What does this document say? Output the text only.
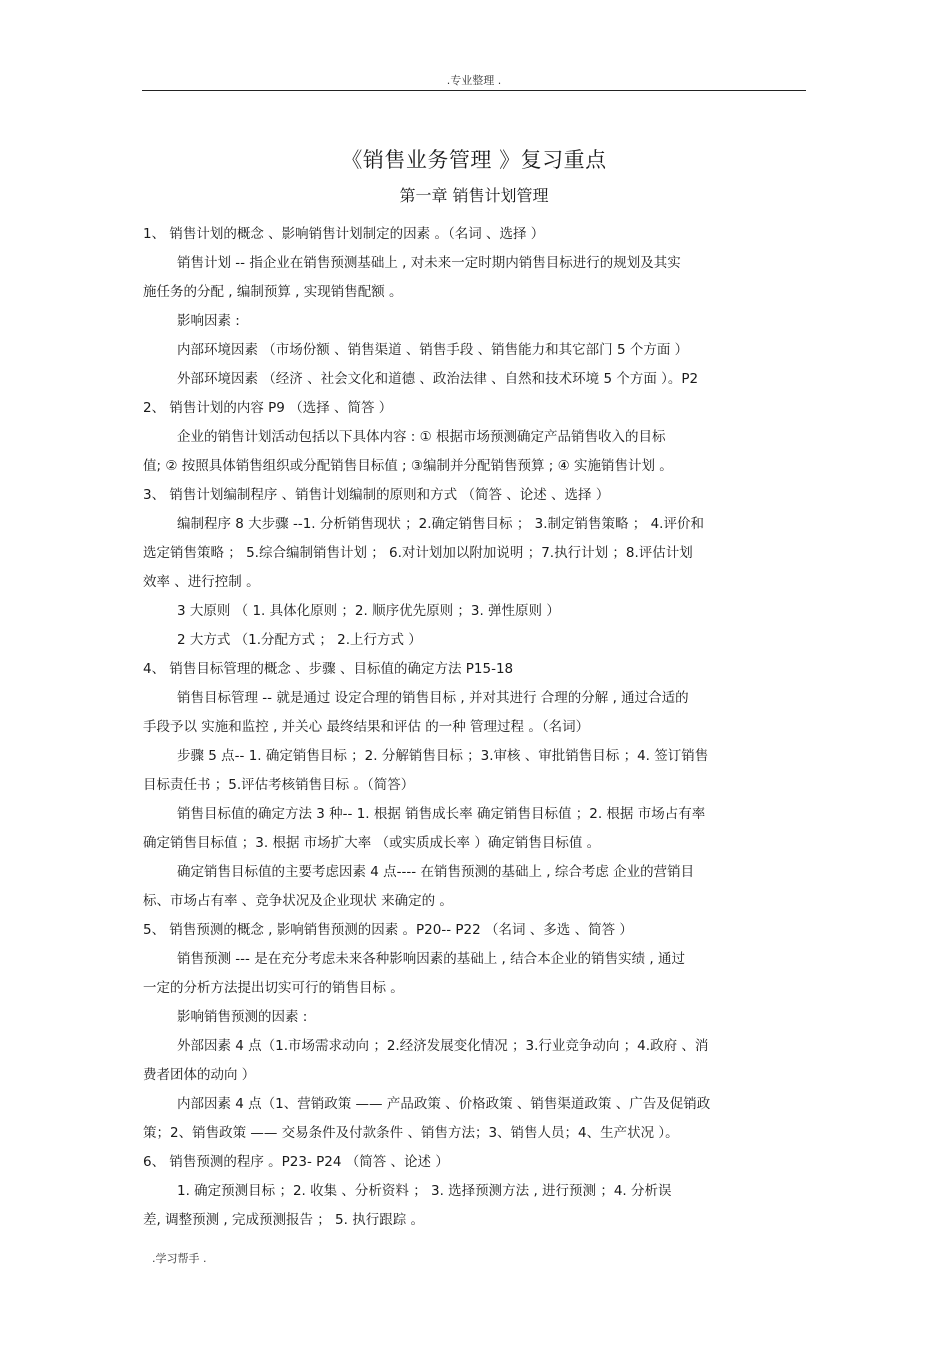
.专业整理 .
《销售业务管理 》复习重点
第一章 销售计划管理

1、 销售计划的概念 、影响销售计划制定的因素 。（名词 、选择 ）

销售计划 -- 指企业在销售预测基础上 , 对未来一定时期内销售目标进行的规划及其实

施任务的分配 , 编制预算 , 实现销售配额 。

影响因素 :

内部环境因素 （市场份额 、销售渠道 、销售手段 、销售能力和其它部门 5 个方面 ）

外部环境因素 （经济 、社会文化和道德 、政治法律 、自然和技术环境 5 个方面 ）。P2

2、 销售计划的内容 P9 （选择 、简答 ）

企业的销售计划活动包括以下具体内容 : ① 根据市场预测确定产品销售收入的目标

值; ② 按照具体销售组织或分配销售目标值 ; ③编制并分配销售预算 ; ④ 实施销售计划 。

3、 销售计划编制程序 、销售计划编制的原则和方式 （简答 、论述 、选择 ）

编制程序 8 大步骤 --1. 分析销售现状 ；2.确定销售目标 ； 3.制定销售策略 ； 4.评价和

选定销售策略 ； 5.综合编制销售计划 ； 6.对计划加以附加说明 ；7.执行计划 ；8.评估计划

效率 、进行控制 。

3 大原则 （ 1. 具体化原则 ；2. 顺序优先原则 ；3. 弹性原则 ）

2 大方式 （1.分配方式 ； 2.上行方式 ）

4、 销售目标管理的概念 、步骤 、目标值的确定方法 P15-18

销售目标管理 -- 就是通过 设定合理的销售目标 , 并对其进行 合理的分解 , 通过合适的

手段予以 实施和监控 , 并关心 最终结果和评估 的一种 管理过程 。（名词）

步骤 5 点-- 1. 确定销售目标 ；2. 分解销售目标 ；3.审核 、审批销售目标 ；4. 签订销售

目标责任书 ；5.评估考核销售目标 。（简答）

销售目标值的确定方法 3 种-- 1. 根据 销售成长率 确定销售目标值 ；2. 根据 市场占有率

确定销售目标值 ；3. 根据 市场扩大率 （或实质成长率 ）确定销售目标值 。

确定销售目标值的主要考虑因素 4 点---- 在销售预测的基础上 , 综合考虑 企业的营销目

标、市场占有率 、竞争状况及企业现状 来确定的 。

5、 销售预测的概念 , 影响销售预测的因素 。P20-- P22 （名词 、多选 、简答 ）

销售预测 --- 是在充分考虑未来各种影响因素的基础上 , 结合本企业的销售实绩 , 通过

一定的分析方法提出切实可行的销售目标 。

影响销售预测的因素 :

外部因素 4 点（1.市场需求动向 ；2.经济发展变化情况 ；3.行业竞争动向 ；4.政府 、消

费者团体的动向 ）

内部因素 4 点（1、营销政策 —— 产品政策 、价格政策 、销售渠道政策 、广告及促销政

策；2、销售政策 —— 交易条件及付款条件 、销售方法；3、销售人员；4、生产状况 ）。

6、 销售预测的程序 。P23- P24 （简答 、论述 ）

1. 确定预测目标 ；2. 收集 、分析资料 ； 3. 选择预测方法 , 进行预测 ；4. 分析误

差, 调整预测 , 完成预测报告 ； 5. 执行跟踪 。

.学习帮手 .
